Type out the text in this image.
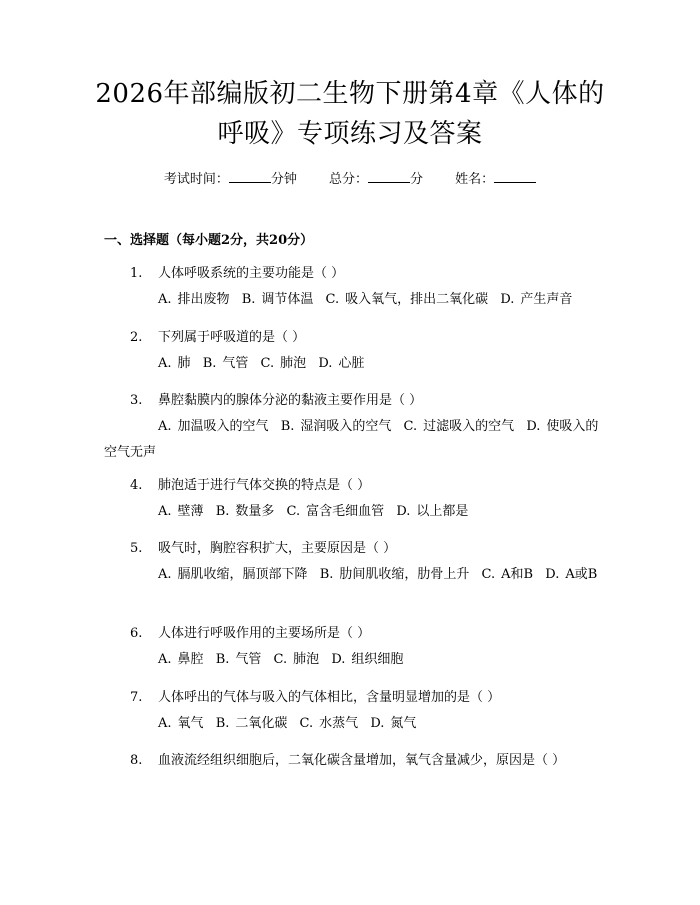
2026年部编版初二生物下册第4章《人体的
呼吸》专项练习及答案
考试时间：	分钟 总分：	分 姓名：
一、选择题（每小题2分，共20分）
1. 人体呼吸系统的主要功能是（ ）
A. 排出废物 B. 调节体温 C. 吸入氧气，排出二氧化碳 D. 产生声音
2. 下列属于呼吸道的是（ ）
A. 肺 B. 气管 C. 肺泡 D. 心脏
3. 鼻腔黏膜内的腺体分泌的黏液主要作用是（ ）
A. 加温吸入的空气 B. 湿润吸入的空气 C. 过滤吸入的空气 D. 使吸入的空气无声
4. 肺泡适于进行气体交换的特点是（ ）
A. 壁薄 B. 数量多 C. 富含毛细血管 D. 以上都是
5. 吸气时，胸腔容积扩大，主要原因是（ ）
A. 膈肌收缩，膈顶部下降 B. 肋间肌收缩，肋骨上升 C. A和B D. A或B
6. 人体进行呼吸作用的主要场所是（ ）
A. 鼻腔 B. 气管 C. 肺泡 D. 组织细胞
7. 人体呼出的气体与吸入的气体相比，含量明显增加的是（ ）
A. 氧气 B. 二氧化碳 C. 水蒸气 D. 氮气
8. 血液流经组织细胞后，二氧化碳含量增加，氧气含量减少，原因是（ ）
